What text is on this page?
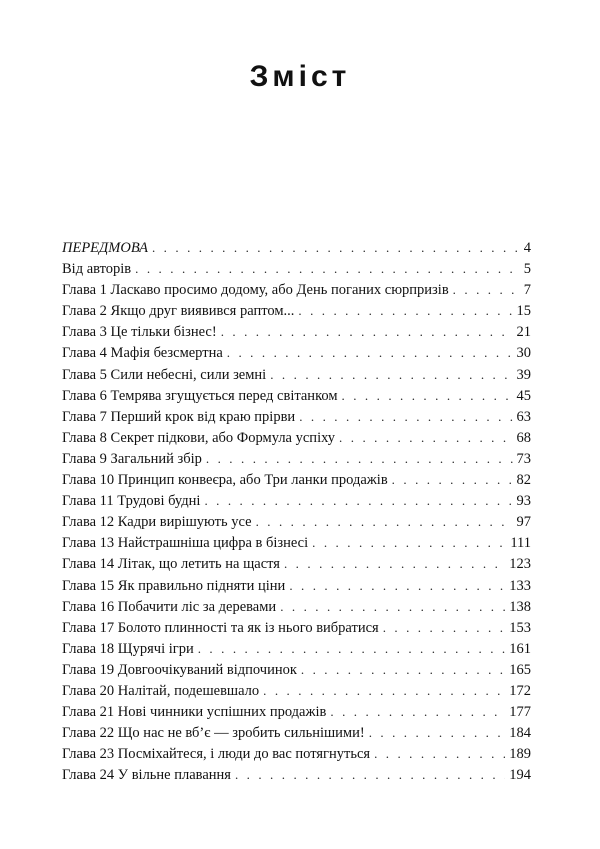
Зміст
ПЕРЕДМОВА . . .	4
Від авторів . . .	5
Глава 1 Ласкаво просимо додому, або День поганих сюрпризів . . .	7
Глава 2 Якщо друг виявився раптом... . . .	15
Глава 3 Це тільки бізнес! . . .	21
Глава 4 Мафія безсмертна . . .	30
Глава 5 Сили небесні, сили земні . . .	39
Глава 6 Темрява згущується перед світанком . . .	45
Глава 7 Перший крок від краю прірви . . .	63
Глава 8 Секрет підкови, або Формула успіху . . .	68
Глава 9 Загальний збір . . .	73
Глава 10 Принцип конвеєра, або Три ланки продажів . . .	82
Глава 11 Трудові будні . . .	93
Глава 12 Кадри вирішують усе . . .	97
Глава 13 Найстрашніша цифра в бізнесі . . .	111
Глава 14 Літак, що летить на щастя . . .	123
Глава 15 Як правильно підняти ціни . . .	133
Глава 16 Побачити ліс за деревами . . .	138
Глава 17 Болото плинності та як із нього вибратися . . .	153
Глава 18 Щурячі ігри . . .	161
Глава 19 Довгоочікуваний відпочинок . . .	165
Глава 20 Налітай, подешевшало . . .	172
Глава 21 Нові чинники успішних продажів . . .	177
Глава 22 Що нас не вб’є — зробить сильнішими! . . .	184
Глава 23 Посміхайтеся, і люди до вас потягнуться . . .	189
Глава 24 У вільне плавання . . .	194
